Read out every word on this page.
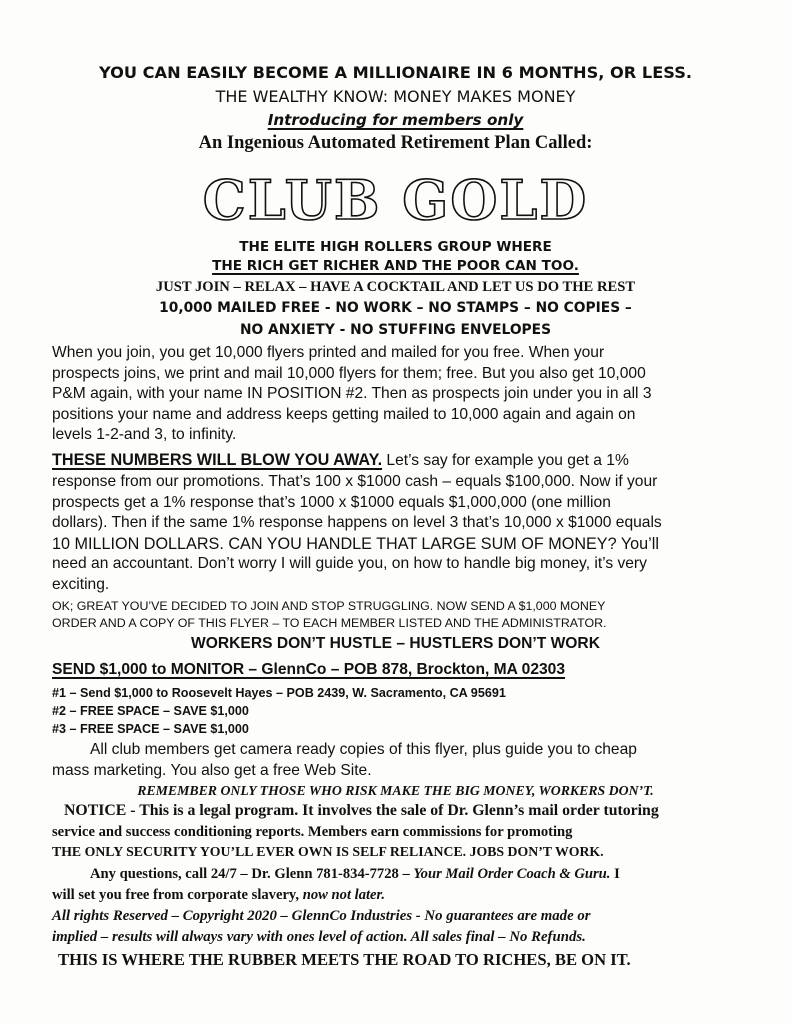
YOU CAN EASILY BECOME A MILLIONAIRE IN 6 MONTHS, OR LESS.
THE WEALTHY KNOW: MONEY MAKES MONEY
Introducing for members only
An Ingenious Automated Retirement Plan Called:
CLUB GOLD
THE ELITE HIGH ROLLERS GROUP WHERE
THE RICH GET RICHER AND THE POOR CAN TOO.
JUST JOIN – RELAX – HAVE A COCKTAIL AND LET US DO THE REST
10,000 MAILED FREE - NO WORK – NO STAMPS – NO COPIES –
NO ANXIETY - NO STUFFING ENVELOPES
When you join, you get 10,000 flyers printed and mailed for you free. When your
prospects joins, we print and mail 10,000 flyers for them; free. But you also get 10,000
P&M again, with your name IN POSITION #2. Then as prospects join under you in all 3
positions your name and address keeps getting mailed to 10,000 again and again on
levels 1-2-and 3, to infinity.
THESE NUMBERS WILL BLOW YOU AWAY. Let’s say for example you get a 1%
response from our promotions. That’s 100 x $1000 cash – equals $100,000. Now if your
prospects get a 1% response that’s 1000 x $1000 equals $1,000,000 (one million
dollars). Then if the same 1% response happens on level 3 that’s 10,000 x $1000 equals
10 MILLION DOLLARS. CAN YOU HANDLE THAT LARGE SUM OF MONEY? You’ll
need an accountant. Don’t worry I will guide you, on how to handle big money, it’s very
exciting.
OK; GREAT YOU’VE DECIDED TO JOIN AND STOP STRUGGLING. NOW SEND A $1,000 MONEY
ORDER AND A COPY OF THIS FLYER – TO EACH MEMBER LISTED AND THE ADMINISTRATOR.
WORKERS DON’T HUSTLE – HUSTLERS DON’T WORK
SEND $1,000 to MONITOR – GlennCo – POB 878, Brockton, MA 02303
#1 – Send $1,000 to Roosevelt Hayes – POB 2439, W. Sacramento, CA 95691
#2 – FREE SPACE – SAVE $1,000
#3 – FREE SPACE – SAVE $1,000
All club members get camera ready copies of this flyer, plus guide you to cheap
mass marketing. You also get a free Web Site.
REMEMBER ONLY THOSE WHO RISK MAKE THE BIG MONEY, WORKERS DON’T.
NOTICE - This is a legal program. It involves the sale of Dr. Glenn’s mail order tutoring
service and success conditioning reports. Members earn commissions for promoting
THE ONLY SECURITY YOU’LL EVER OWN IS SELF RELIANCE. JOBS DON’T WORK.
Any questions, call 24/7 – Dr. Glenn 781-834-7728 – Your Mail Order Coach & Guru. I
will set you free from corporate slavery, now not later.
All rights Reserved – Copyright 2020 – GlennCo Industries - No guarantees are made or
implied – results will always vary with ones level of action. All sales final – No Refunds.
THIS IS WHERE THE RUBBER MEETS THE ROAD TO RICHES, BE ON IT.
